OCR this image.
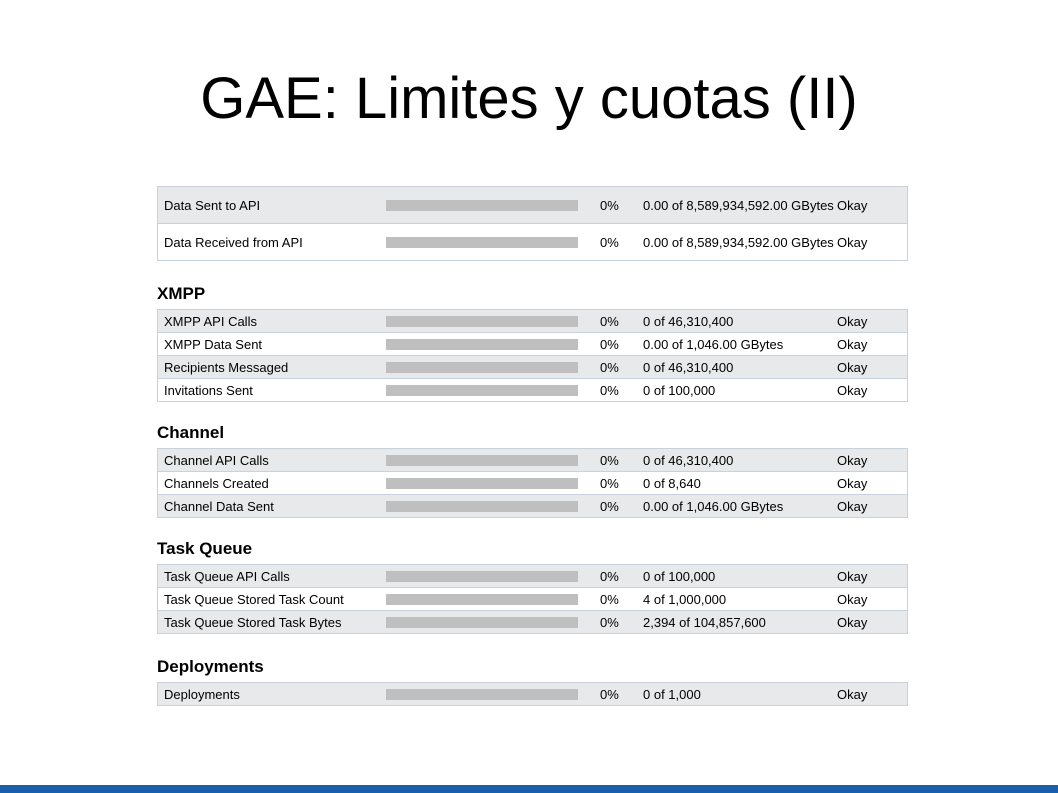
GAE: Limites y cuotas (II)
Data Sent to API		0%	0.00 of 8,589,934,592.00 GBytes	Okay
Data Received from API		0%	0.00 of 8,589,934,592.00 GBytes	Okay
XMPP
XMPP API Calls		0%	0 of 46,310,400	Okay
XMPP Data Sent		0%	0.00 of 1,046.00 GBytes	Okay
Recipients Messaged		0%	0 of 46,310,400	Okay
Invitations Sent		0%	0 of 100,000	Okay
Channel
Channel API Calls		0%	0 of 46,310,400	Okay
Channels Created		0%	0 of 8,640	Okay
Channel Data Sent		0%	0.00 of 1,046.00 GBytes	Okay
Task Queue
Task Queue API Calls		0%	0 of 100,000	Okay
Task Queue Stored Task Count		0%	4 of 1,000,000	Okay
Task Queue Stored Task Bytes		0%	2,394 of 104,857,600	Okay
Deployments
Deployments		0%	0 of 1,000	Okay
